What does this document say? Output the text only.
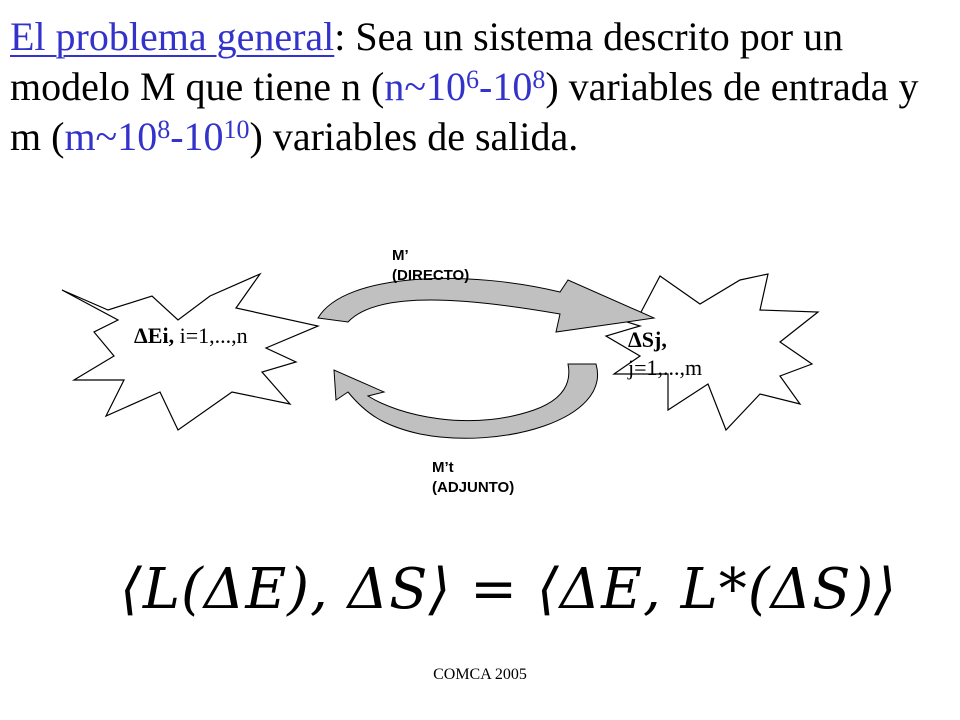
El problema general: Sea un sistema descrito por un modelo M que tiene n $(n\sim 10^6-10^8)$ variables de entrada y m $(m\sim 10^8-10^{10})$ variables de salida.
M’
(DIRECTO)
M’t
(ADJUNTO)
ΔEi, i=1,...,n	ΔSj,
j=1,...,m
⟨L(ΔE), ΔS⟩ = ⟨ΔE, L*(ΔS)⟩
COMCA 2005
